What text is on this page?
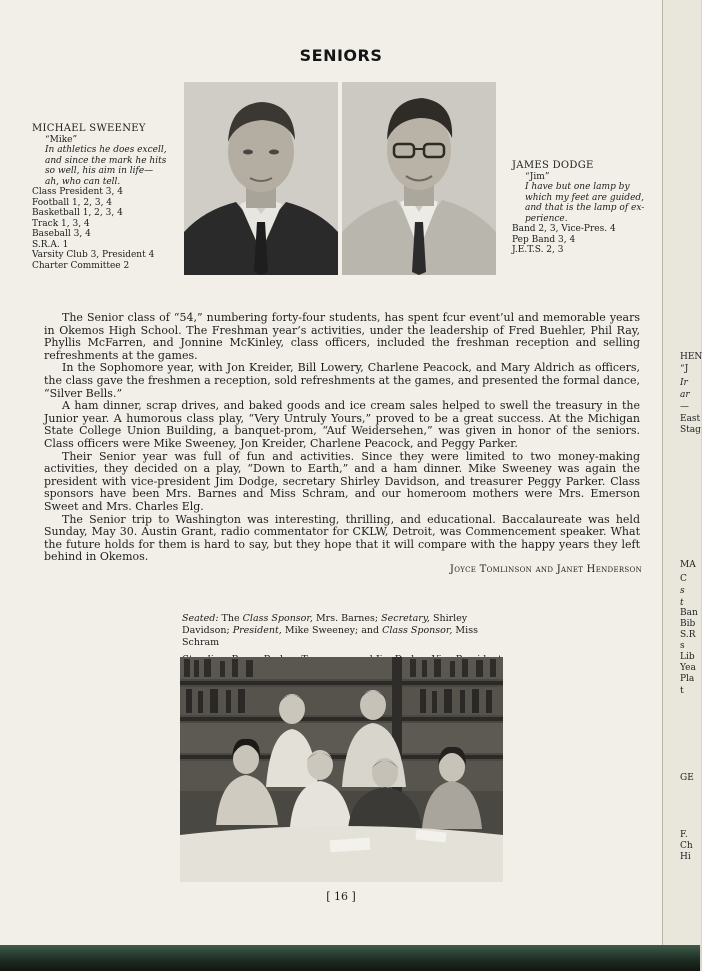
SENIORS
MICHAEL SWEENEY
“Mike”
In athletics he does excell,
and since the mark he hits
so well, his aim in life—
ah, who can tell.
Class President 3, 4
Football 1, 2, 3, 4
Basketball 1, 2, 3, 4
Track 1, 3, 4
Baseball 3, 4
S.R.A. 1
Varsity Club 3, President 4
Charter Committee 2
JAMES DODGE
“Jim”
I have but one lamp by
which my feet are guided,
and that is the lamp of ex-
perience.
Band 2, 3, Vice-Pres. 4
Pep Band 3, 4
J.E.T.S. 2, 3

The Senior class of “54,” numbering forty-four students, has spent fcur event’ul and memorable years in Okemos High School. The Freshman year’s activities, under the leadership of Fred Buehler, Phil Ray, Phyllis McFarren, and Jonnine McKinley, class officers, included the freshman reception and selling refreshments at the games.

In the Sophomore year, with Jon Kreider, Bill Lowery, Charlene Peacock, and Mary Aldrich as officers, the class gave the freshmen a reception, sold refreshments at the games, and presented the formal dance, “Silver Bells.”

A ham dinner, scrap drives, and baked goods and ice cream sales helped to swell the treasury in the Junior year. A humorous class play, “Very Untruly Yours,” proved to be a great success. At the Michigan State College Union Building, a banquet-prom, “Auf Weidersehen,” was given in honor of the seniors. Class officers were Mike Sweeney, Jon Kreider, Charlene Peacock, and Peggy Parker.

Their Senior year was full of fun and activities. Since they were limited to two money-making activities, they decided on a play, “Down to Earth,” and a ham dinner. Mike Sweeney was again the president with vice-president Jim Dodge, secretary Shirley Davidson, and treasurer Peggy Parker. Class sponsors have been Mrs. Barnes and Miss Schram, and our homeroom mothers were Mrs. Emerson Sweet and Mrs. Charles Elg.

The Senior trip to Washington was interesting, thrilling, and educational. Baccalaureate was held Sunday, May 30. Austin Grant, radio commentator for CKLW, Detroit, was Commencement speaker. What the future holds for them is hard to say, but they hope that it will compare with the happy years they left behind in Okemos.

Joyce Tomlinson and Janet Henderson
Seated: The Class Sponsor, Mrs. Barnes; Secretary, Shirley Davidson; President, Mike Sweeney; and Class Sponsor, Miss Schram
[ 16 ]
HEN
“J
Ir
ar
—
East
Stag
MA
C
s
t
Ban
Bib
S.R
s
Lib
Yea
Pla
t
GE
F.
Ch
Hi
